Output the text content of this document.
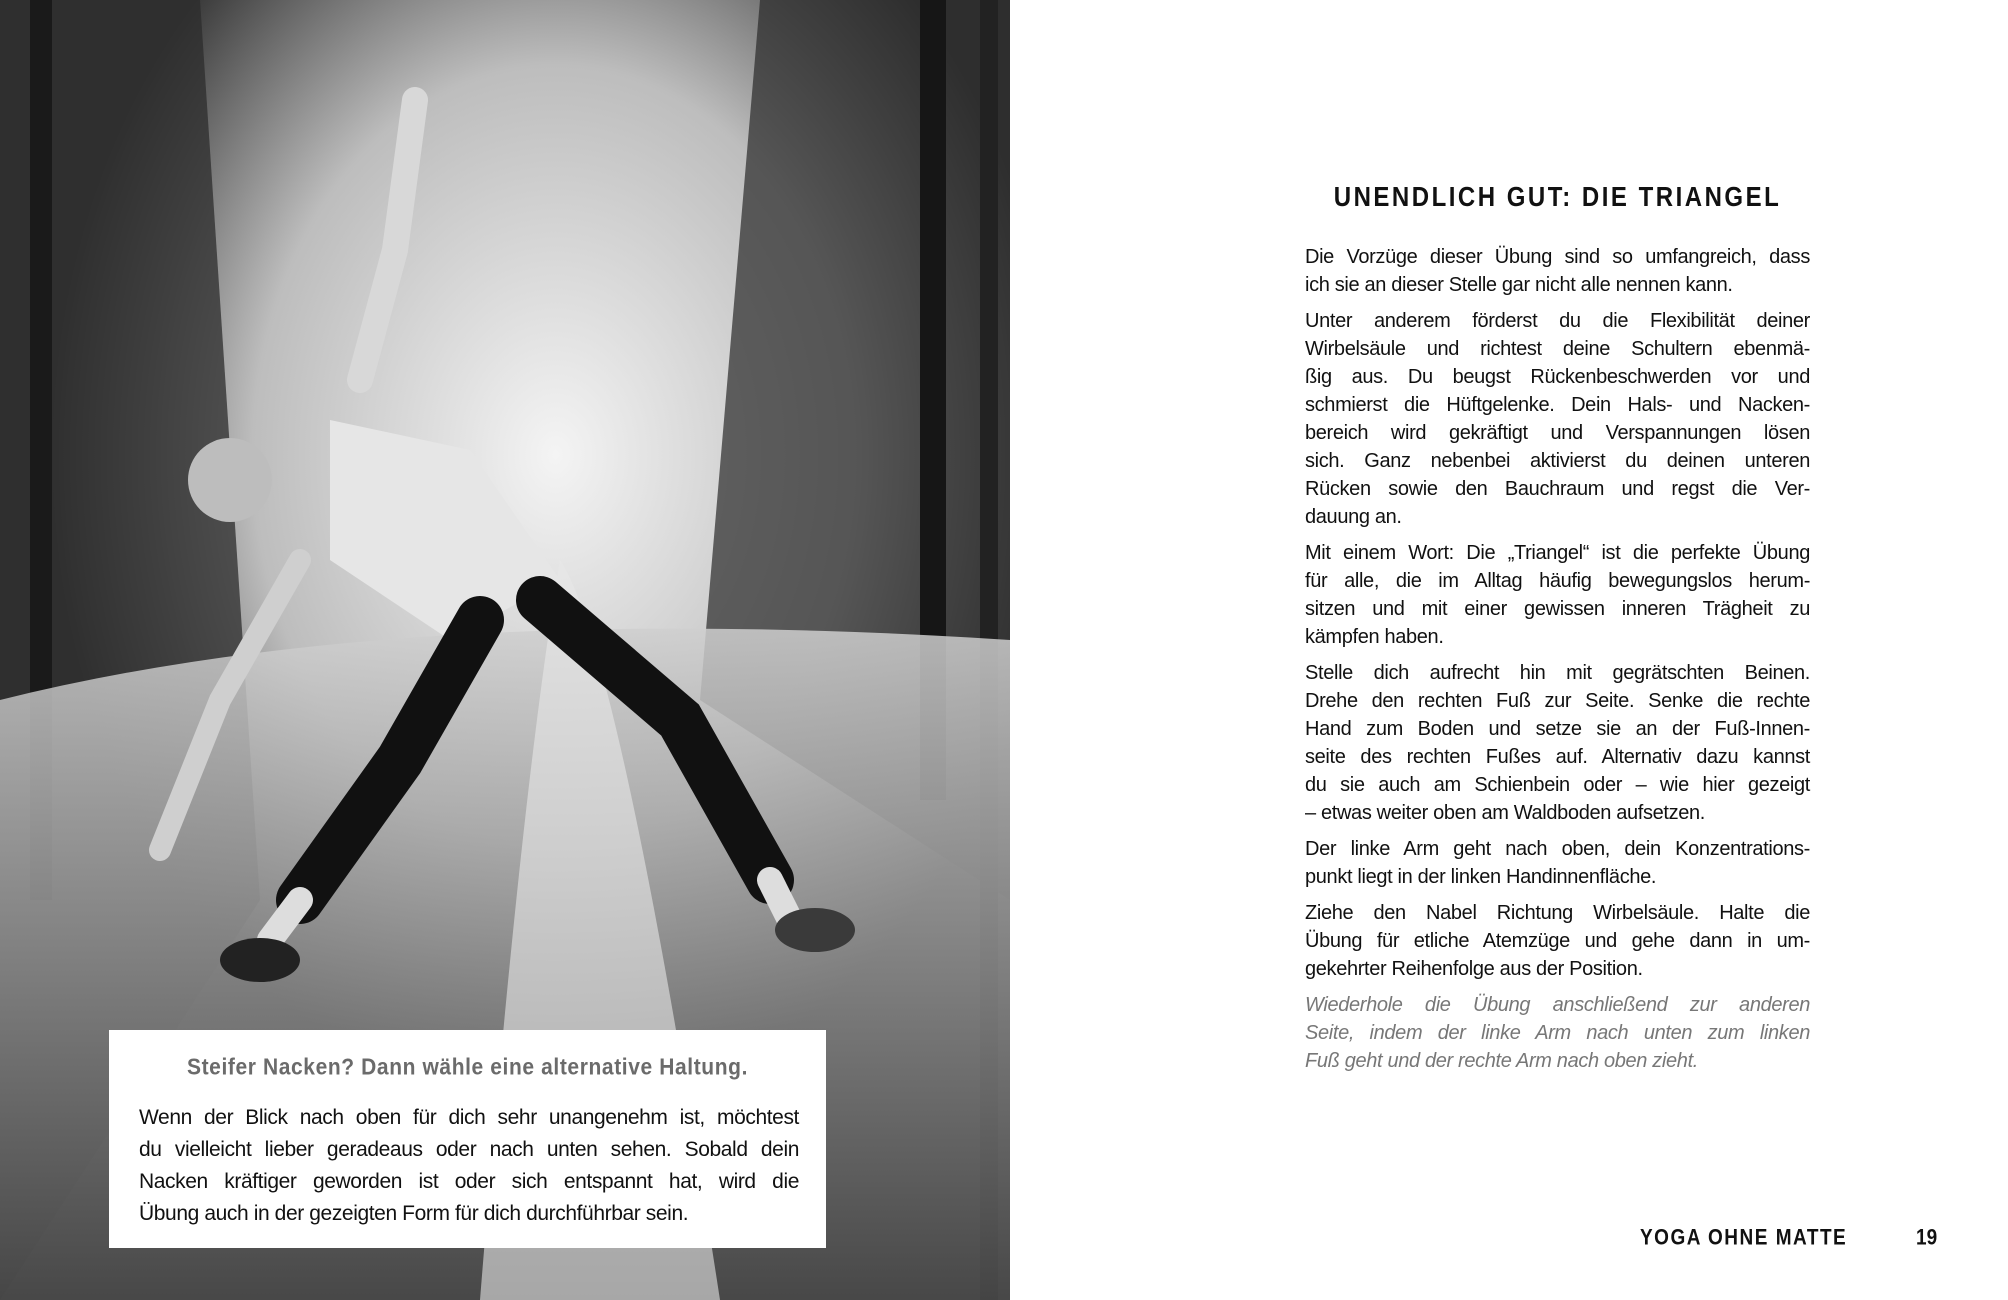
Steifer Nacken? Dann wähle eine alternative Haltung.
Wenn der Blick nach oben für dich sehr unangenehm ist, möchtest
du vielleicht lieber geradeaus oder nach unten sehen. Sobald dein
Nacken kräftiger geworden ist oder sich entspannt hat, wird die
Übung auch in der gezeigten Form für dich durchführbar sein.
UNENDLICH GUT: DIE TRIANGEL
Die Vorzüge dieser Übung sind so umfangreich, dass
ich sie an dieser Stelle gar nicht alle nennen kann.
Unter anderem förderst du die Flexibilität deiner
Wirbelsäule und richtest deine Schultern ebenmä-
ßig aus. Du beugst Rückenbeschwerden vor und
schmierst die Hüftgelenke. Dein Hals- und Nacken-
bereich wird gekräftigt und Verspannungen lösen
sich. Ganz nebenbei aktivierst du deinen unteren
Rücken sowie den Bauchraum und regst die Ver-
dauung an.
Mit einem Wort: Die „Triangel“ ist die perfekte Übung
für alle, die im Alltag häufig bewegungslos herum-
sitzen und mit einer gewissen inneren Trägheit zu
kämpfen haben.
Stelle dich aufrecht hin mit gegrätschten Beinen.
Drehe den rechten Fuß zur Seite. Senke die rechte
Hand zum Boden und setze sie an der Fuß-Innen-
seite des rechten Fußes auf. Alternativ dazu kannst
du sie auch am Schienbein oder – wie hier gezeigt
– etwas weiter oben am Waldboden aufsetzen.
Der linke Arm geht nach oben, dein Konzentrations-
punkt liegt in der linken Handinnenfläche.
Ziehe den Nabel Richtung Wirbelsäule. Halte die
Übung für etliche Atemzüge und gehe dann in um-
gekehrter Reihenfolge aus der Position.
Wiederhole die Übung anschließend zur anderen
Seite, indem der linke Arm nach unten zum linken
Fuß geht und der rechte Arm nach oben zieht.
YOGA OHNE MATTE	19
